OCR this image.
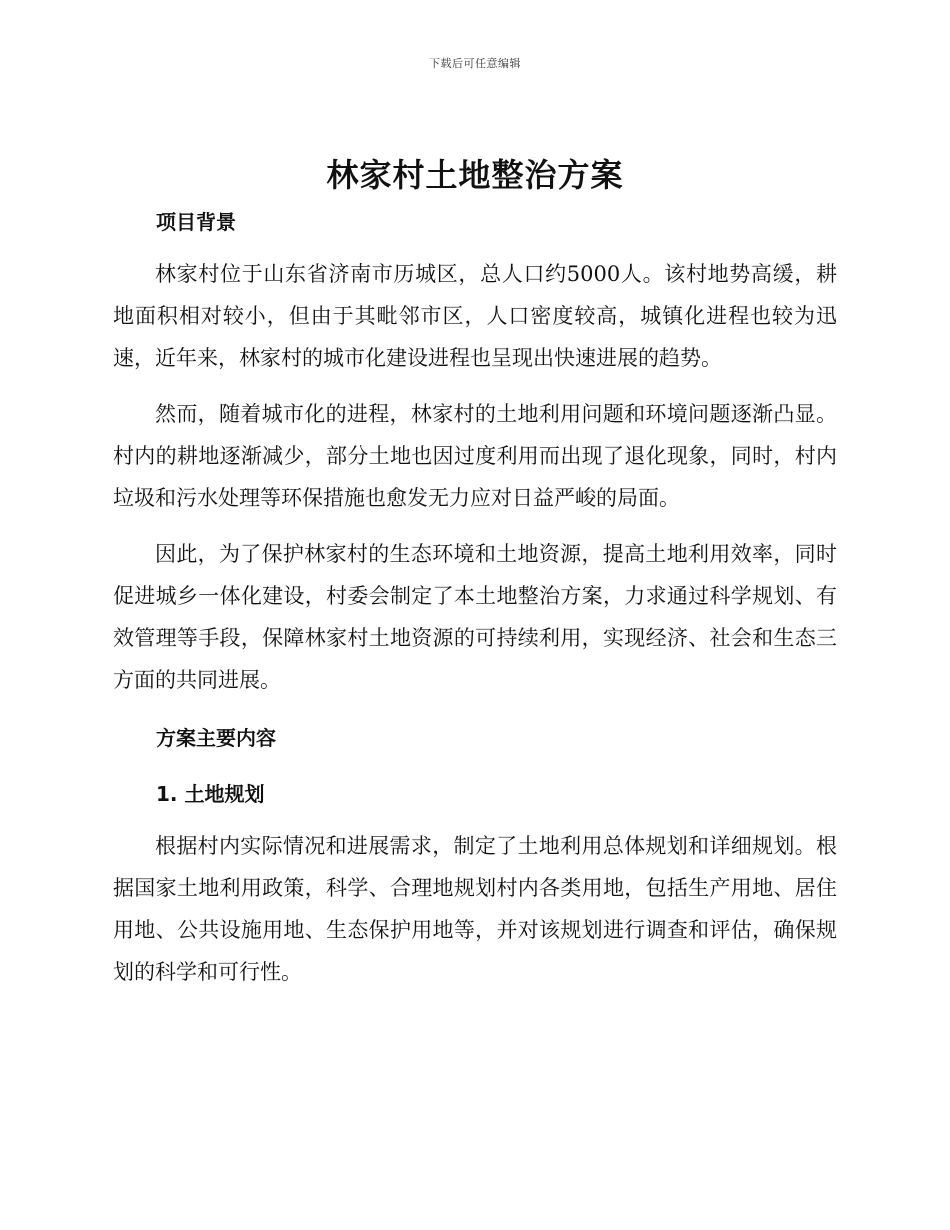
下载后可任意编辑
林家村土地整治方案
项目背景

林家村位于山东省济南市历城区，总人口约5000人。该村地势高缓，耕地面积相对较小，但由于其毗邻市区，人口密度较高，城镇化进程也较为迅速，近年来，林家村的城市化建设进程也呈现出快速进展的趋势。

然而，随着城市化的进程，林家村的土地利用问题和环境问题逐渐凸显。村内的耕地逐渐减少，部分土地也因过度利用而出现了退化现象，同时，村内垃圾和污水处理等环保措施也愈发无力应对日益严峻的局面。

因此，为了保护林家村的生态环境和土地资源，提高土地利用效率，同时促进城乡一体化建设，村委会制定了本土地整治方案，力求通过科学规划、有效管理等手段，保障林家村土地资源的可持续利用，实现经济、社会和生态三方面的共同进展。

方案主要内容
1. 土地规划

根据村内实际情况和进展需求，制定了土地利用总体规划和详细规划。根据国家土地利用政策，科学、合理地规划村内各类用地，包括生产用地、居住用地、公共设施用地、生态保护用地等，并对该规划进行调查和评估，确保规划的科学和可行性。
